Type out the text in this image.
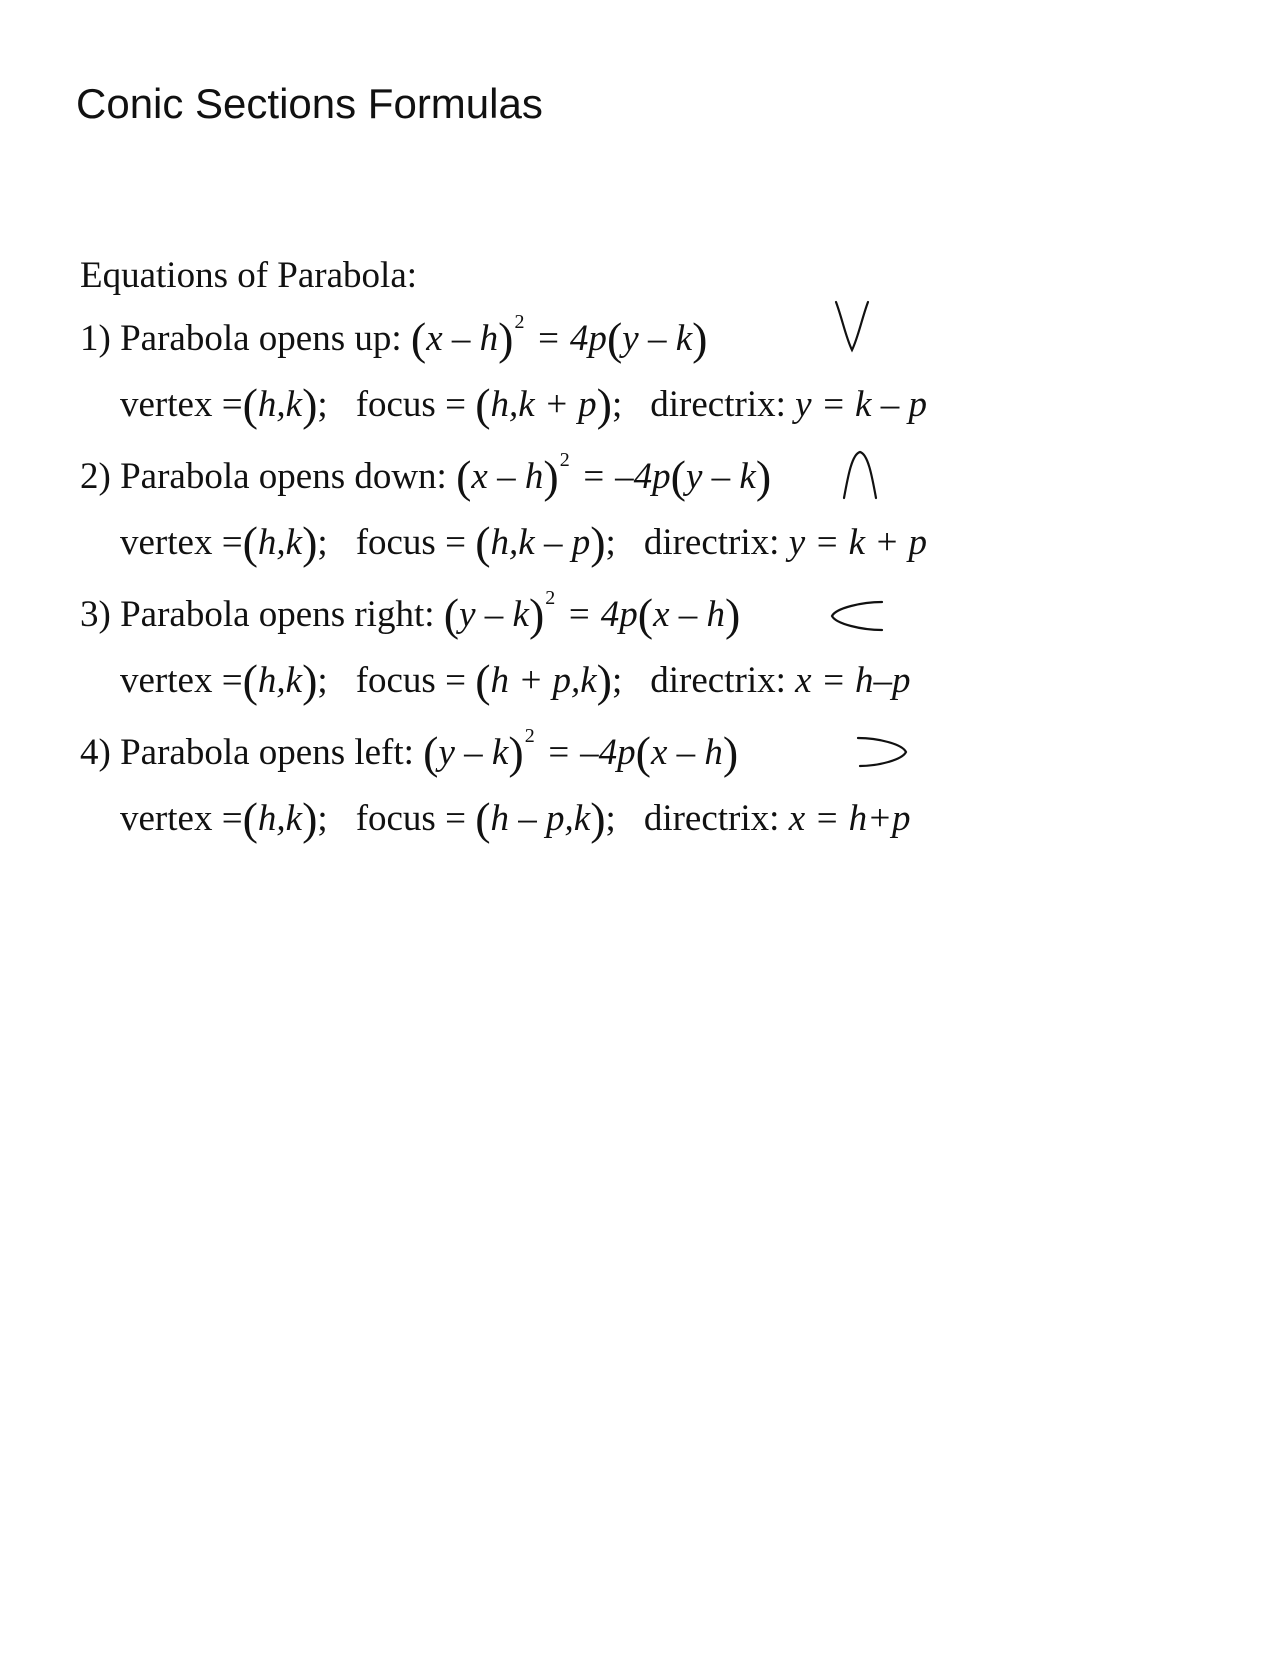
Conic Sections Formulas
Equations of Parabola:
1) Parabola opens up: (x – h)$^2$ = 4p(y – k)
vertex =(h,k); focus = (h,k + p); directrix: y = k – p
2) Parabola opens down: (x – h)$^2$ = –4p(y – k)
vertex =(h,k); focus = (h,k – p); directrix: y = k + p
3) Parabola opens right: (y – k)$^2$ = 4p(x – h)
vertex =(h,k); focus = (h + p,k); directrix: x = h–p
4) Parabola opens left: (y – k)$^2$ = –4p(x – h)
vertex =(h,k); focus = (h – p,k); directrix: x = h+p
